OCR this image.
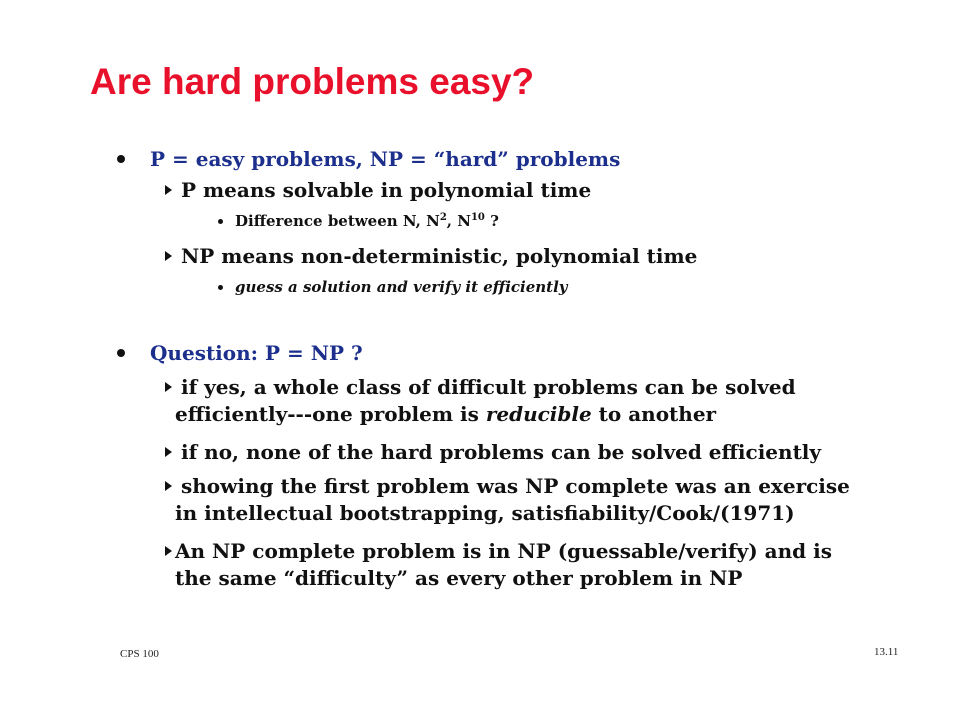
Are hard problems easy?
P = easy problems, NP = “hard” problems
P means solvable in polynomial time
Difference between N, $N^2$, $N^{10}$ ?
NP means non-deterministic, polynomial time
guess a solution and verify it efficiently
Question: P = NP ?
if yes, a whole class of difficult problems can be solved
efficiently---one problem is reducible to another
if no, none of the hard problems can be solved efficiently
showing the first problem was NP complete was an exercise
in intellectual bootstrapping, satisfiability/Cook/(1971)
An NP complete problem is in NP (guessable/verify) and is
the same “difficulty” as every other problem in NP
CPS 100	13.11
